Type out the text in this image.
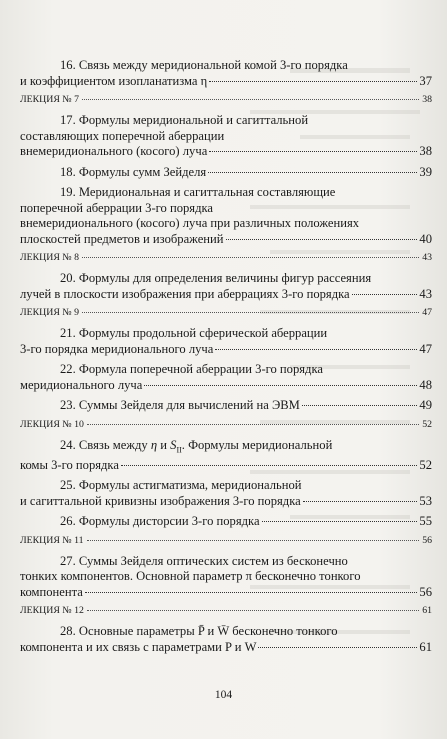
16. Связь между меридиональной комой 3-го порядка
и коэффициентом изопланатизма η	37
ЛЕКЦИЯ № 7	38
17. Формулы меридиональной и сагиттальной
составляющих поперечной аберрации
внемеридионального (косого) луча	38
18. Формулы сумм Зейделя	39
19. Меридиональная и сагиттальная составляющие
поперечной аберрации 3-го порядка
внемеридионального (косого) луча при различных положениях
плоскостей предметов и изображений	40
ЛЕКЦИЯ № 8	43
20. Формулы для определения величины фигур рассеяния
лучей в плоскости изображения при аберрациях 3-го порядка	43
ЛЕКЦИЯ № 9	47
21. Формулы продольной сферической аберрации
3-го порядка меридионального луча	47
22. Формула поперечной аберрации 3-го порядка
меридионального луча	48
23. Суммы Зейделя для вычислений на ЭВМ	49
ЛЕКЦИЯ № 10	52
24. Связь между η и $S_{II}$. Формулы меридиональной
комы 3-го порядка	52
25. Формулы астигматизма, меридиональной
и сагиттальной кривизны изображения 3-го порядка	53
26. Формулы дисторсии 3-го порядка	55
ЛЕКЦИЯ № 11	56
27. Суммы Зейделя оптических систем из бесконечно
тонких компонентов. Основной параметр π бесконечно тонкого
компонента	56
ЛЕКЦИЯ № 12	61
28. Основные параметры P̄ и W̄ бесконечно тонкого
компонента и их связь с параметрами P и W	61
104
